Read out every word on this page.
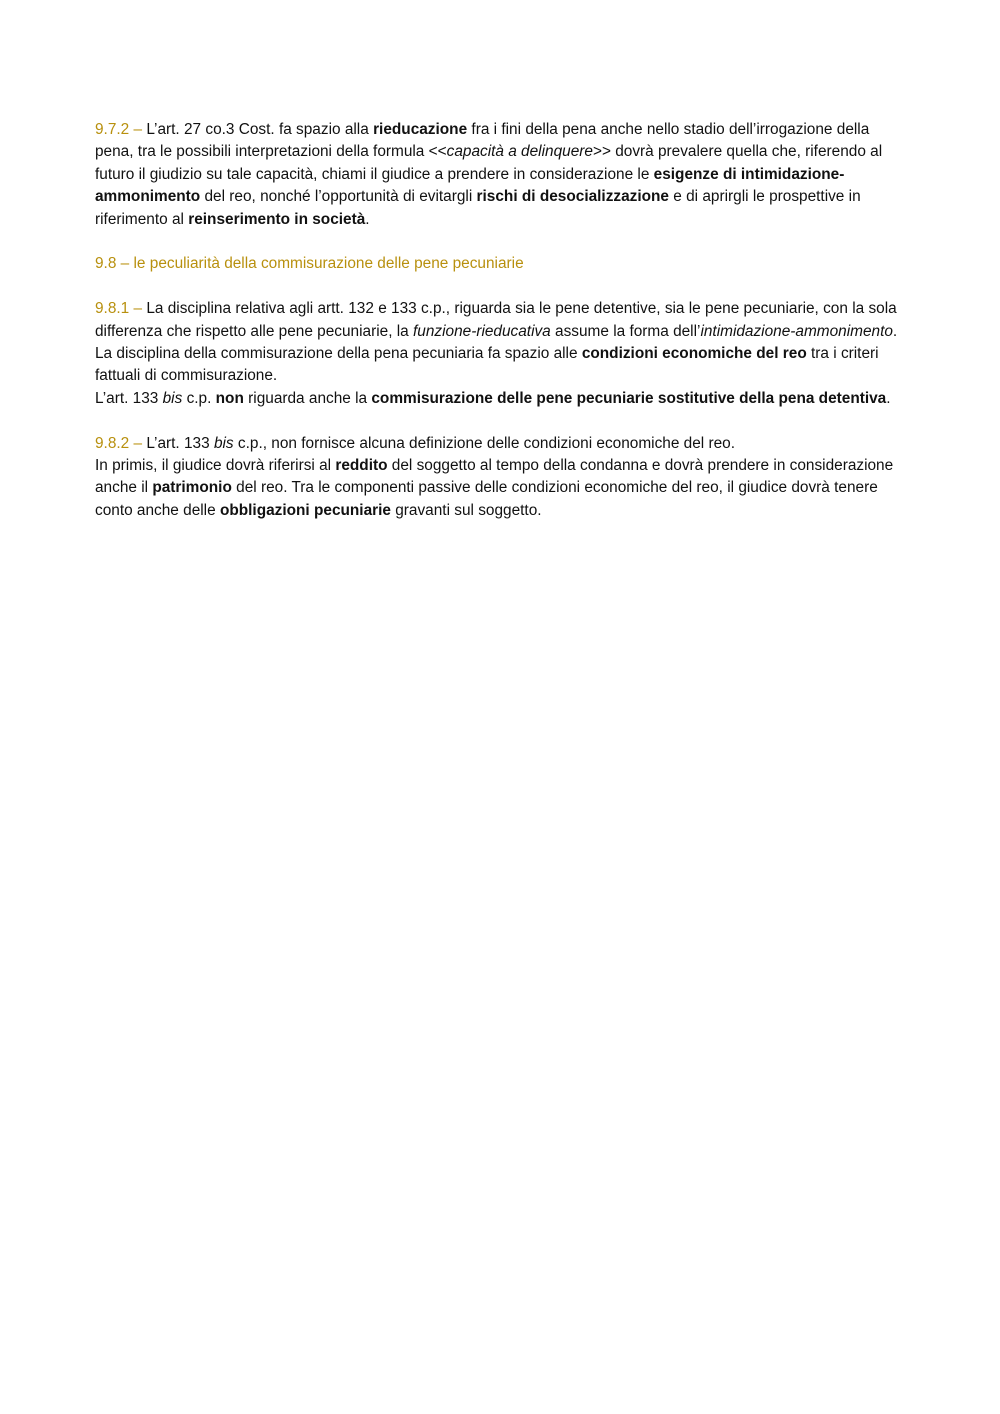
9.7.2 – L’art. 27 co.3 Cost. fa spazio alla rieducazione fra i fini della pena anche nello stadio dell’irrogazione della pena, tra le possibili interpretazioni della formula <<capacità a delinquere>> dovrà prevalere quella che, riferendo al futuro il giudizio su tale capacità, chiami il giudice a prendere in considerazione le esigenze di intimidazione-ammonimento del reo, nonché l’opportunità di evitargli rischi di desocializzazione e di aprirgli le prospettive in riferimento al reinserimento in società.

9.8 – le peculiarità della commisurazione delle pene pecuniarie

9.8.1 – La disciplina relativa agli artt. 132 e 133 c.p., riguarda sia le pene detentive, sia le pene pecuniarie, con la sola differenza che rispetto alle pene pecuniarie, la funzione-rieducativa assume la forma dell’intimidazione-ammonimento.

La disciplina della commisurazione della pena pecuniaria fa spazio alle condizioni economiche del reo tra i criteri fattuali di commisurazione.

L’art. 133 bis c.p. non riguarda anche la commisurazione delle pene pecuniarie sostitutive della pena detentiva.

9.8.2 – L’art. 133 bis c.p., non fornisce alcuna definizione delle condizioni economiche del reo.

In primis, il giudice dovrà riferirsi al reddito del soggetto al tempo della condanna e dovrà prendere in considerazione anche il patrimonio del reo. Tra le componenti passive delle condizioni economiche del reo, il giudice dovrà tenere conto anche delle obbligazioni pecuniarie gravanti sul soggetto.
